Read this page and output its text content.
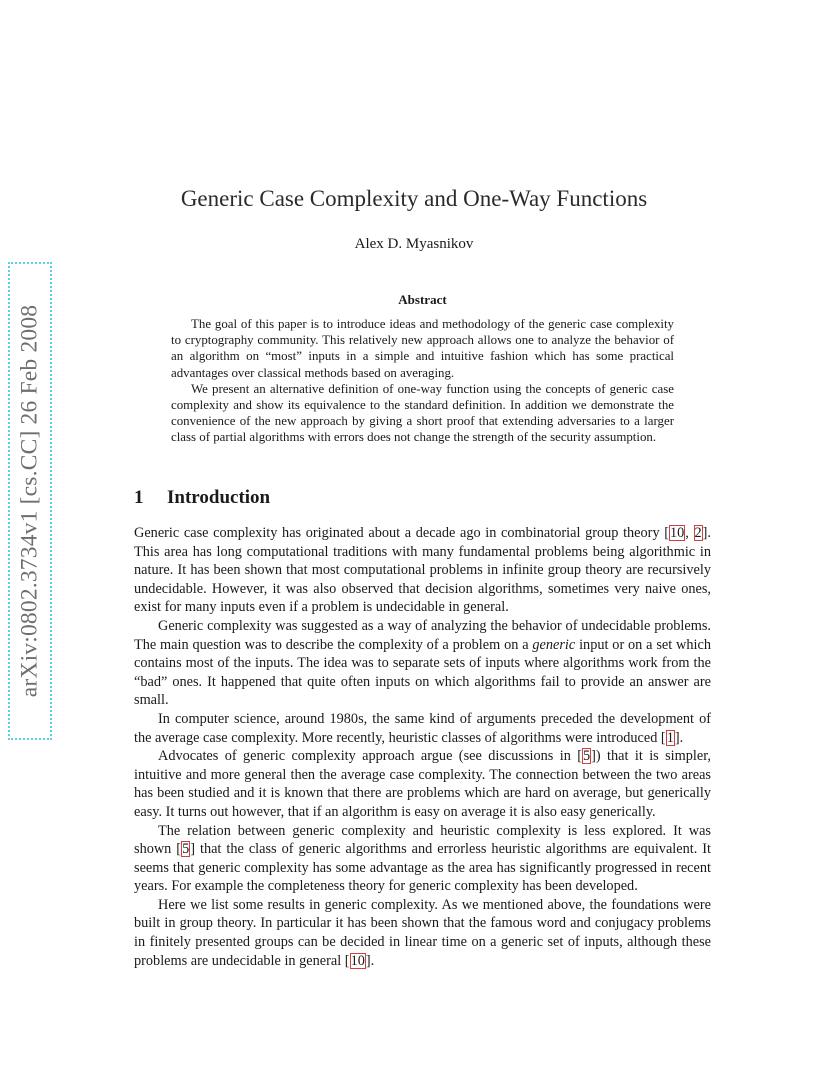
arXiv:0802.3734v1 [cs.CC] 26 Feb 2008
Generic Case Complexity and One-Way Functions
Alex D. Myasnikov
Abstract

The goal of this paper is to introduce ideas and methodology of the generic case complexity to cryptography community. This relatively new approach allows one to analyze the behavior of an algorithm on “most” inputs in a simple and intuitive fashion which has some practical advantages over classical methods based on averaging.

We present an alternative definition of one-way function using the concepts of generic case complexity and show its equivalence to the standard definition. In addition we demonstrate the convenience of the new approach by giving a short proof that extending adversaries to a larger class of partial algorithms with errors does not change the strength of the security assumption.

1 Introduction

Generic case complexity has originated about a decade ago in combinatorial group theory [10, 2]. This area has long computational traditions with many fundamental problems being algorithmic in nature. It has been shown that most computational problems in infinite group theory are recursively undecidable. However, it was also observed that decision algorithms, sometimes very naive ones, exist for many inputs even if a problem is undecidable in general.

Generic complexity was suggested as a way of analyzing the behavior of undecidable problems. The main question was to describe the complexity of a problem on a generic input or on a set which contains most of the inputs. The idea was to separate sets of inputs where algorithms work from the “bad” ones. It happened that quite often inputs on which algorithms fail to provide an answer are small.

In computer science, around 1980s, the same kind of arguments preceded the development of the average case complexity. More recently, heuristic classes of algorithms were introduced [1].

Advocates of generic complexity approach argue (see discussions in [5]) that it is simpler, intuitive and more general then the average case complexity. The connection between the two areas has been studied and it is known that there are problems which are hard on average, but generically easy. It turns out however, that if an algorithm is easy on average it is also easy generically.

The relation between generic complexity and heuristic complexity is less explored. It was shown [5] that the class of generic algorithms and errorless heuristic algorithms are equivalent. It seems that generic complexity has some advantage as the area has significantly progressed in recent years. For example the completeness theory for generic complexity has been developed.

Here we list some results in generic complexity. As we mentioned above, the foundations were built in group theory. In particular it has been shown that the famous word and conjugacy problems in finitely presented groups can be decided in linear time on a generic set of inputs, although these problems are undecidable in general [10].
